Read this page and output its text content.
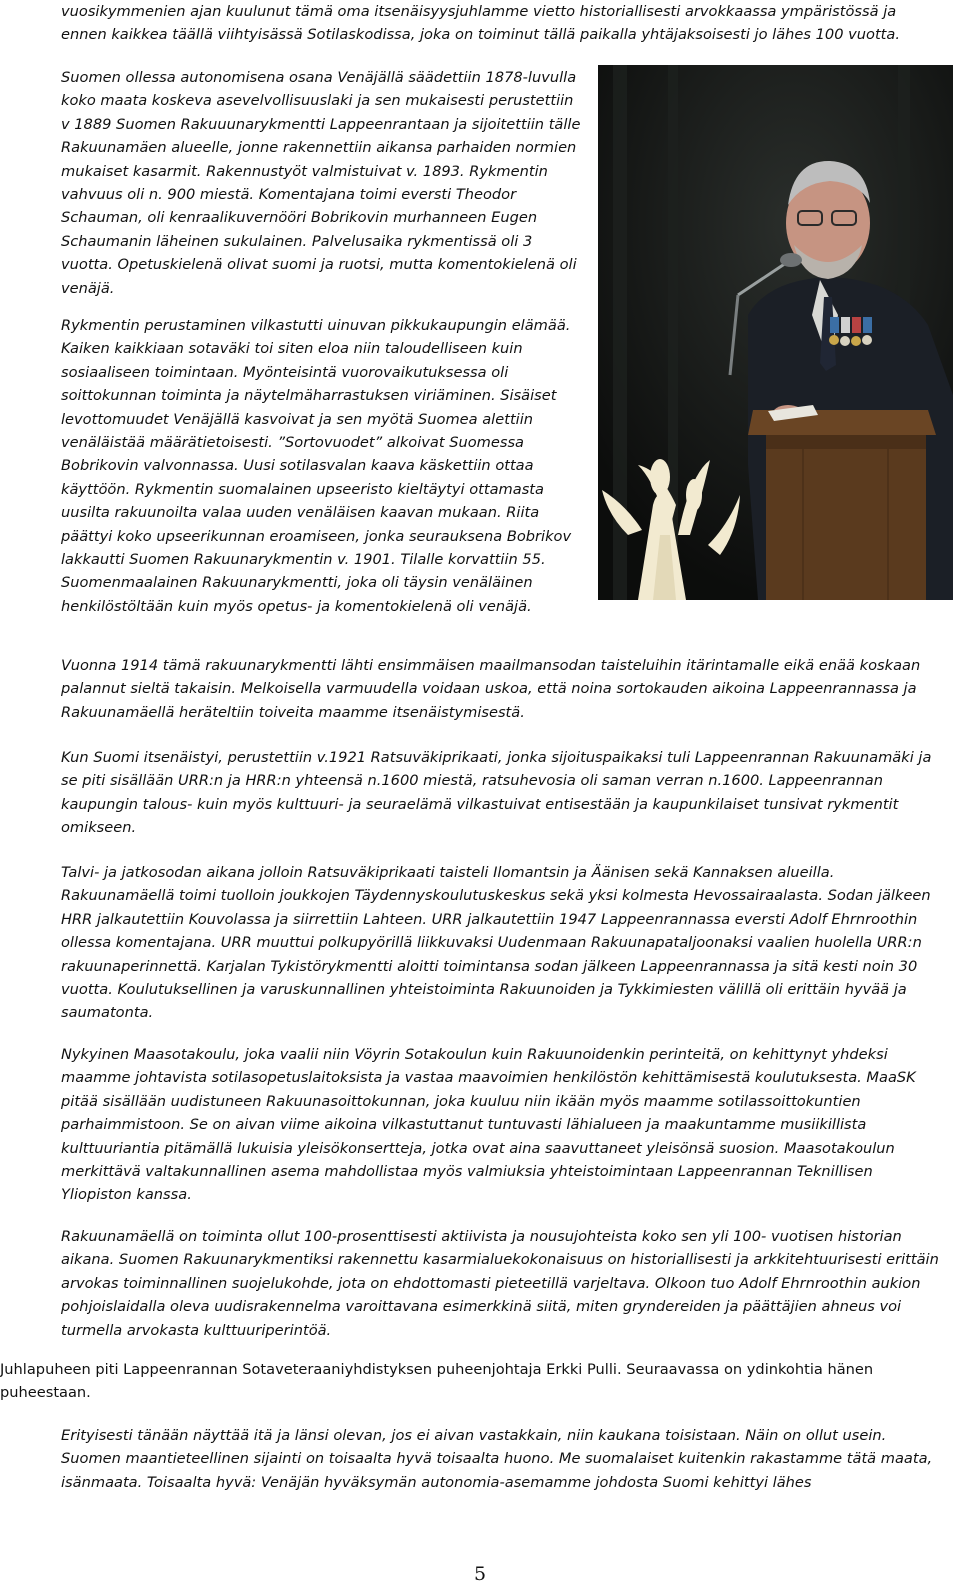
vuosikymmenien ajan kuulunut tämä oma itsenäisyysjuhlamme vietto historiallisesti arvokkaassa ympäristössä ja ennen kaikkea täällä viihtyisässä Sotilaskodissa, joka on toiminut tällä paikalla yhtäjaksoisesti jo lähes 100 vuotta.

Suomen ollessa autonomisena osana Venäjällä säädettiin 1878-luvulla koko maata koskeva asevelvollisuuslaki ja sen mukaisesti perustettiin v 1889 Suomen Rakuuunarykmentti Lappeenrantaan ja sijoitettiin tälle Rakuunamäen alueelle, jonne rakennettiin aikansa parhaiden normien mukaiset kasarmit. Rakennustyöt valmistuivat v. 1893. Rykmentin vahvuus oli n. 900 miestä. Komentajana toimi eversti Theodor Schauman, oli kenraalikuvernööri Bobrikovin murhanneen Eugen Schaumanin läheinen sukulainen. Palvelusaika rykmentissä oli 3 vuotta. Opetuskielenä olivat suomi ja ruotsi, mutta komentokielenä oli venäjä.

Rykmentin perustaminen vilkastutti uinuvan pikkukaupungin elämää. Kaiken kaikkiaan sotaväki toi siten eloa niin taloudelliseen kuin sosiaaliseen toimintaan. Myönteisintä vuorovaikutuksessa oli soittokunnan toiminta ja näytelmäharrastuksen viriäminen. Sisäiset levottomuudet Venäjällä kasvoivat ja sen myötä Suomea alettiin venäläistää määrätietoisesti. ”Sortovuodet” alkoivat Suomessa Bobrikovin valvonnassa. Uusi sotilasvalan kaava käskettiin ottaa käyttöön. Rykmentin suomalainen upseeristo kieltäytyi ottamasta uusilta rakuunoilta valaa uuden venäläisen kaavan mukaan. Riita päättyi koko upseerikunnan eroamiseen, jonka seurauksena Bobrikov lakkautti Suomen Rakuunarykmentin v. 1901. Tilalle korvattiin 55. Suomenmaalainen Rakuunarykmentti, joka oli täysin venäläinen henkilöstöltään kuin myös opetus- ja komentokielenä oli venäjä.

Vuonna 1914 tämä rakuunarykmentti lähti ensimmäisen maailmansodan taisteluihin itärintamalle eikä enää koskaan palannut sieltä takaisin. Melkoisella varmuudella voidaan uskoa, että noina sortokauden aikoina Lappeenrannassa ja Rakuunamäellä heräteltiin toiveita maamme itsenäistymisestä.

Kun Suomi itsenäistyi, perustettiin v.1921 Ratsuväkiprikaati, jonka sijoituspaikaksi tuli Lappeenrannan Rakuunamäki ja se piti sisällään URR:n ja HRR:n yhteensä n.1600 miestä, ratsuhevosia oli saman verran n.1600. Lappeenrannan kaupungin talous- kuin myös kulttuuri- ja seuraelämä vilkastuivat entisestään ja kaupunkilaiset tunsivat rykmentit omikseen.

Talvi- ja jatkosodan aikana jolloin Ratsuväkiprikaati taisteli Ilomantsin ja Äänisen sekä Kannaksen alueilla. Rakuunamäellä toimi tuolloin joukkojen Täydennyskoulutuskeskus sekä yksi kolmesta Hevossairaalasta. Sodan jälkeen HRR jalkautettiin Kouvolassa ja siirrettiin Lahteen. URR jalkautettiin 1947 Lappeenrannassa eversti Adolf Ehrnroothin ollessa komentajana. URR muuttui polkupyörillä liikkuvaksi Uudenmaan Rakuunapataljoonaksi vaalien huolella URR:n rakuunaperinnettä. Karjalan Tykistörykmentti aloitti toimintansa sodan jälkeen Lappeenrannassa ja sitä kesti noin 30 vuotta. Koulutuksellinen ja varuskunnallinen yhteistoiminta Rakuunoiden ja Tykkimiesten välillä oli erittäin hyvää ja saumatonta.

Nykyinen Maasotakoulu, joka vaalii niin Vöyrin Sotakoulun kuin Rakuunoidenkin perinteitä, on kehittynyt yhdeksi maamme johtavista sotilasopetuslaitoksista ja vastaa maavoimien henkilöstön kehittämisestä koulutuksesta. MaaSK pitää sisällään uudistuneen Rakuunasoittokunnan, joka kuuluu niin ikään myös maamme sotilassoittokuntien parhaimmistoon. Se on aivan viime aikoina vilkastuttanut tuntuvasti lähialueen ja maakuntamme musiikillista kulttuuriantia pitämällä lukuisia yleisökonsertteja, jotka ovat aina saavuttaneet yleisönsä suosion. Maasotakoulun merkittävä valtakunnallinen asema mahdollistaa myös valmiuksia yhteistoimintaan Lappeenrannan Teknillisen Yliopiston kanssa.

Rakuunamäellä on toiminta ollut 100-prosenttisesti aktiivista ja nousujohteista koko sen yli 100- vuotisen historian aikana. Suomen Rakuunarykmentiksi rakennettu kasarmialuekokonaisuus on historiallisesti ja arkkitehtuurisesti erittäin arvokas toiminnallinen suojelukohde, jota on ehdottomasti pieteetillä varjeltava. Olkoon tuo Adolf Ehrnroothin aukion pohjoislaidalla oleva uudisrakennelma varoittavana esimerkkinä siitä, miten gryndereiden ja päättäjien ahneus voi turmella arvokasta kulttuuriperintöä.

Juhlapuheen piti Lappeenrannan Sotaveteraaniyhdistyksen puheenjohtaja Erkki Pulli. Seuraavassa on ydinkohtia hänen puheestaan.

Erityisesti tänään näyttää itä ja länsi olevan, jos ei aivan vastakkain, niin kaukana toisistaan. Näin on ollut usein. Suomen maantieteellinen sijainti on toisaalta hyvä toisaalta huono. Me suomalaiset kuitenkin rakastamme tätä maata, isänmaata. Toisaalta hyvä: Venäjän hyväksymän autonomia-asemamme johdosta Suomi kehittyi lähes

5
